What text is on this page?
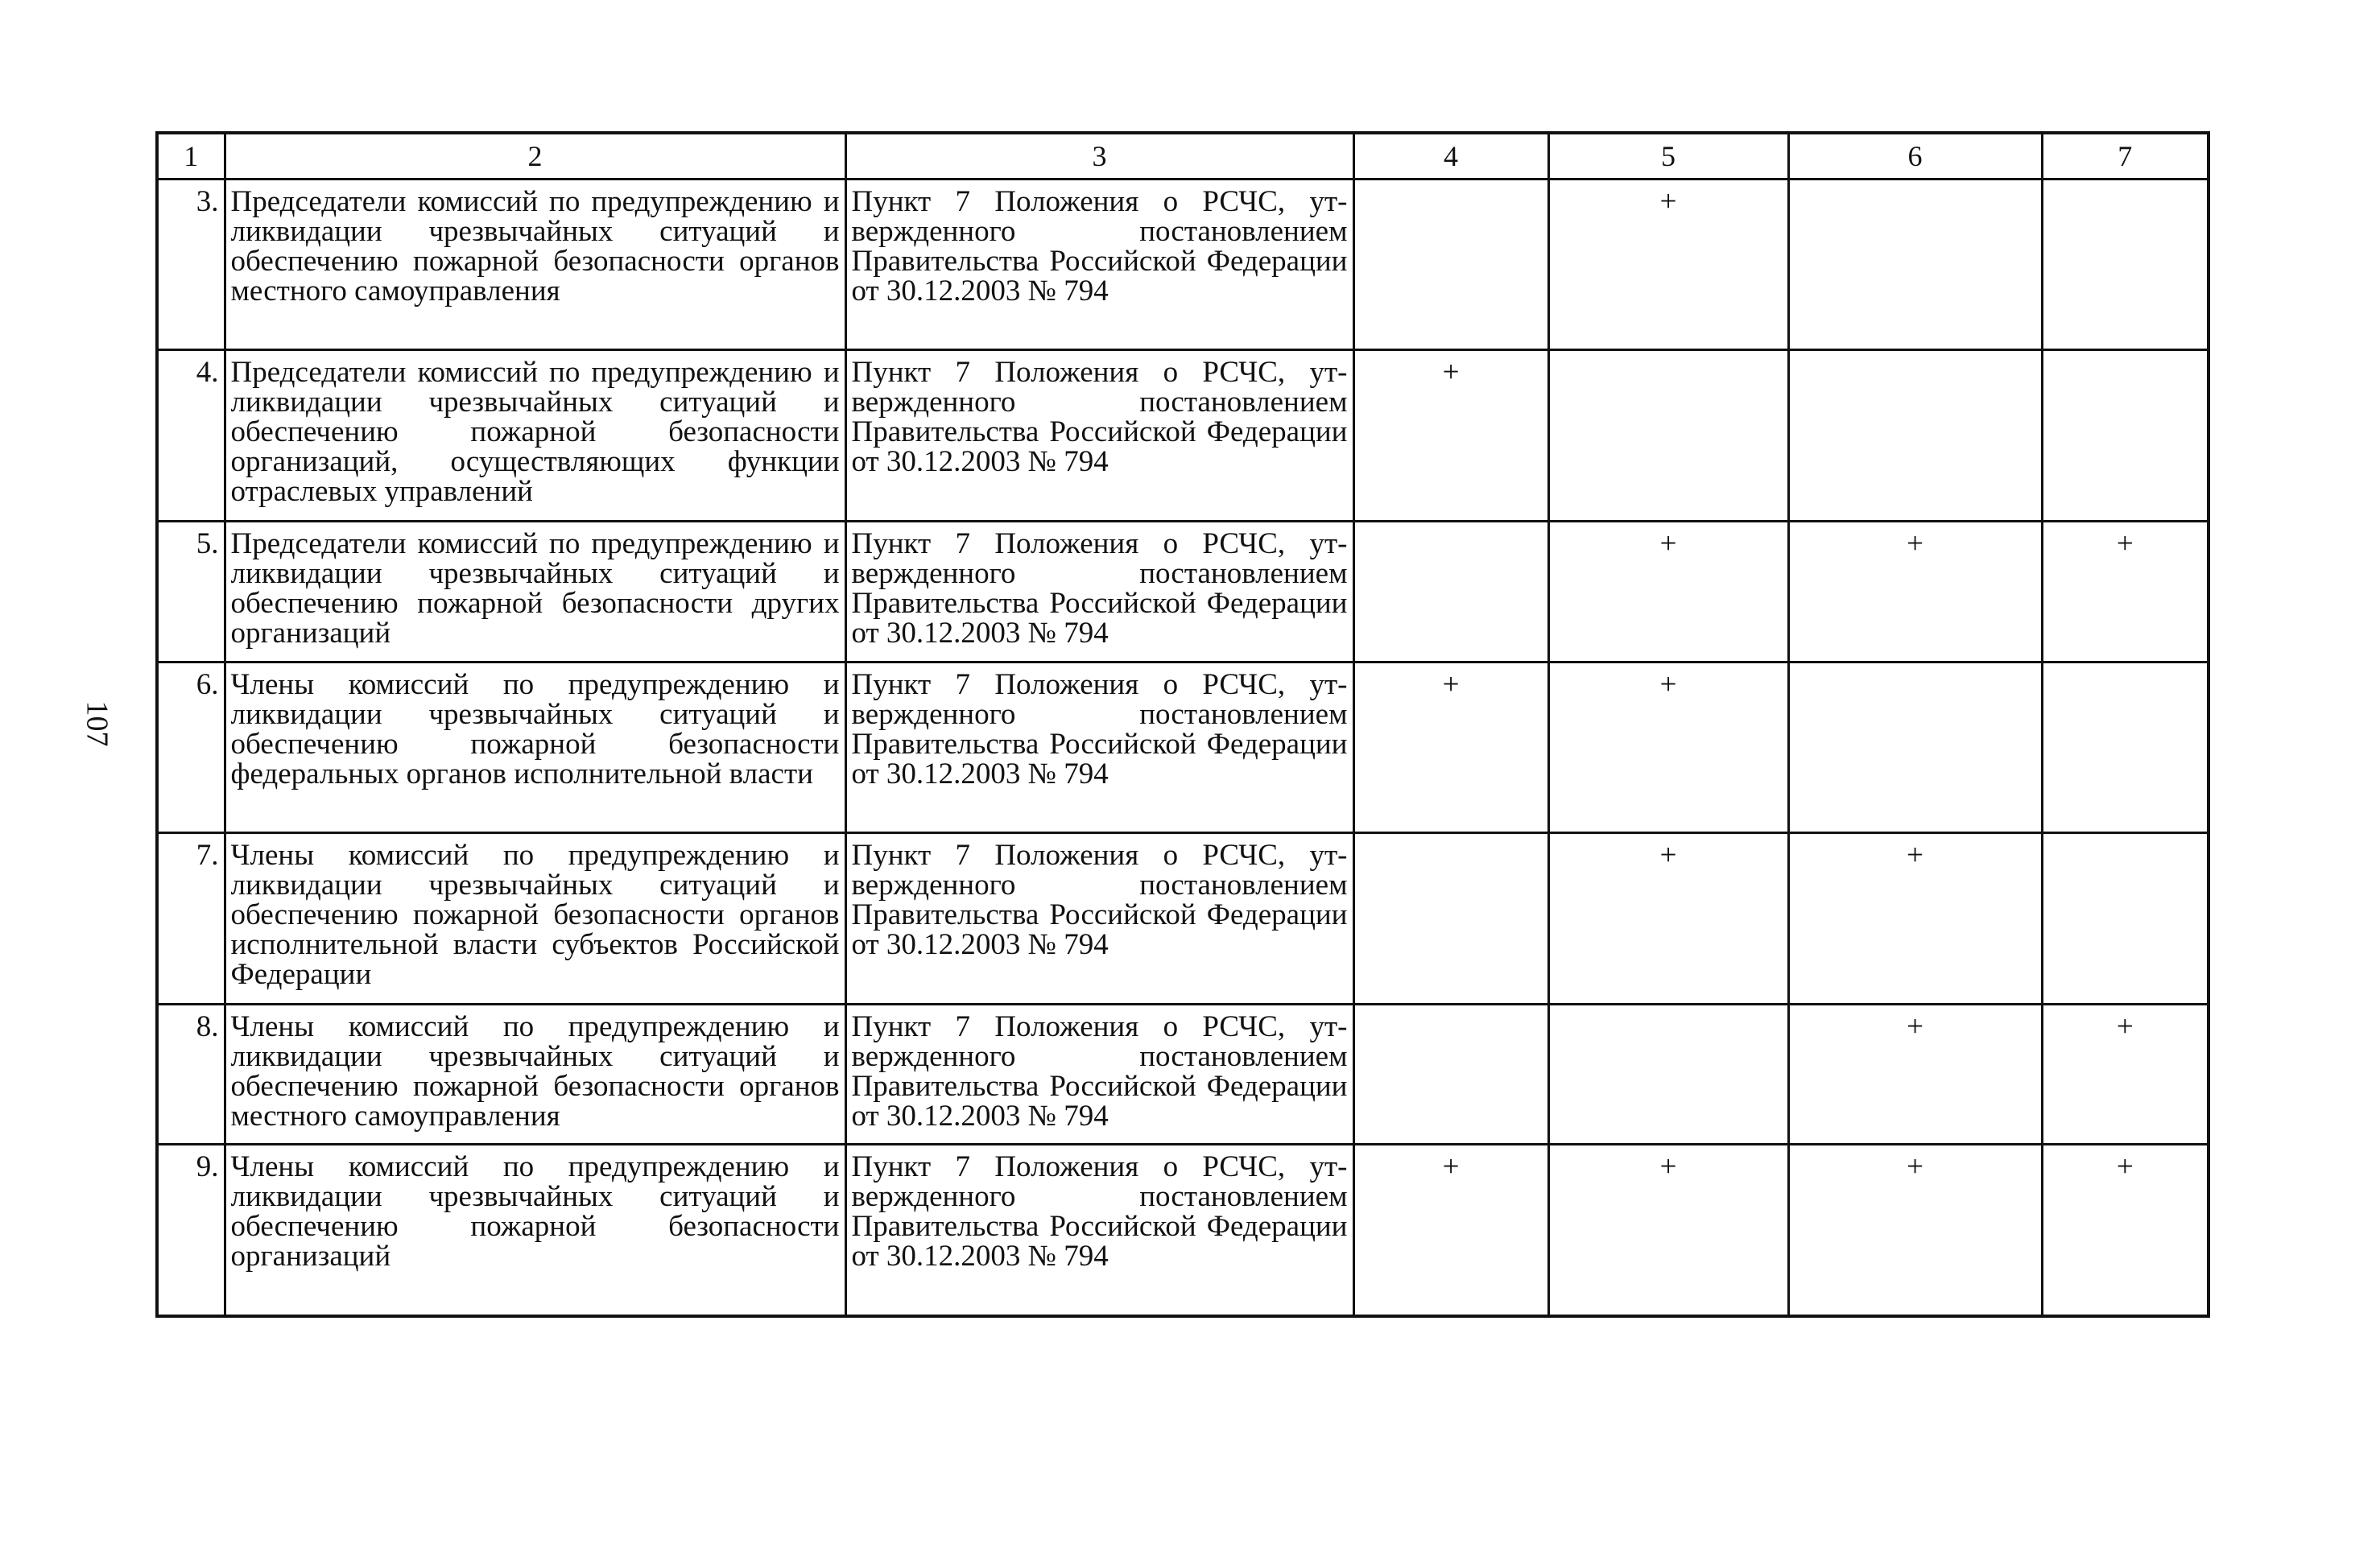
107
1	2	3	4	5	6	7
3.	Председатели комиссий по предупреждению и ликвидации чрезвычайных ситуаций и обеспечению пожарной безопасности органов местного самоуправления	Пункт 7 Положения о РСЧС, утвержденного постановлением Правительства Российской Федерации от 30.12.2003 № 794		+		
4.	Председатели комиссий по предупреждению и ликвидации чрезвычайных ситуаций и обеспечению пожарной безопасности организаций, осуществляющих функции отраслевых управлений	Пункт 7 Положения о РСЧС, утвержденного постановлением Правительства Российской Федерации от 30.12.2003 № 794	+			
5.	Председатели комиссий по предупреждению и ликвидации чрезвычайных ситуаций и обеспечению пожарной безопасности других организаций	Пункт 7 Положения о РСЧС, утвержденного постановлением Правительства Российской Федерации от 30.12.2003 № 794		+	+	+
6.	Члены комиссий по предупреждению и ликвидации чрезвычайных ситуаций и обеспечению пожарной безопасности федеральных органов исполнительной власти	Пункт 7 Положения о РСЧС, утвержденного постановлением Правительства Российской Федерации от 30.12.2003 № 794	+	+		
7.	Члены комиссий по предупреждению и ликвидации чрезвычайных ситуаций и обеспечению пожарной безопасности органов исполнительной власти субъектов Российской Федерации	Пункт 7 Положения о РСЧС, утвержденного постановлением Правительства Российской Федерации от 30.12.2003 № 794		+	+	
8.	Члены комиссий по предупреждению и ликвидации чрезвычайных ситуаций и обеспечению пожарной безопасности органов местного самоуправления	Пункт 7 Положения о РСЧС, утвержденного постановлением Правительства Российской Федерации от 30.12.2003 № 794			+	+
9.	Члены комиссий по предупреждению и ликвидации чрезвычайных ситуаций и обеспечению пожарной безопасности организаций	Пункт 7 Положения о РСЧС, утвержденного постановлением Правительства Российской Федерации от 30.12.2003 № 794	+	+	+	+
